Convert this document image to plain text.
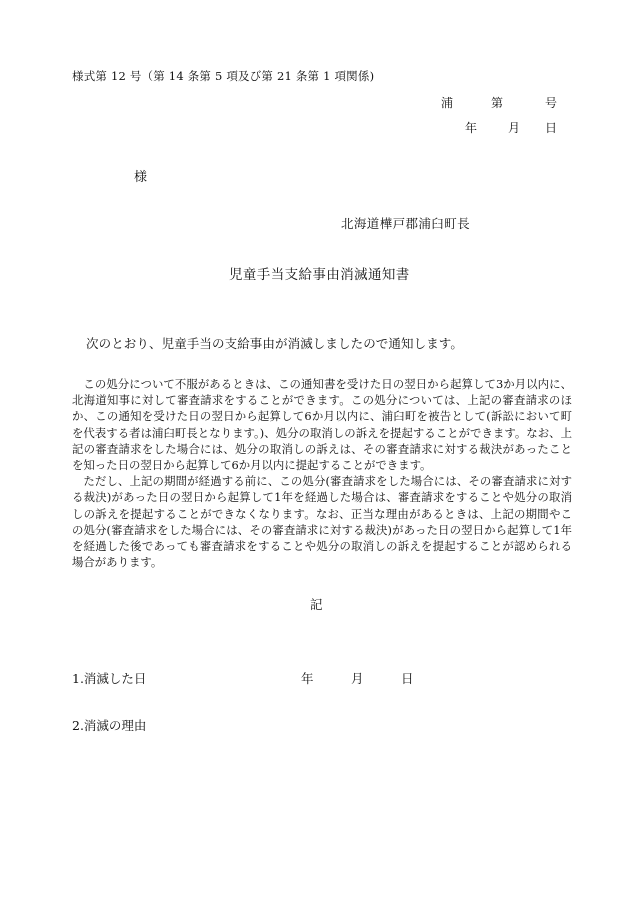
様式第 12 号（第 14 条第 5 項及び第 21 条第 1 項関係)
浦	第	号
年	月 日
様
北海道樺戸郡浦臼町長
児童手当支給事由消滅通知書
次のとおり、児童手当の支給事由が消滅しましたので通知します。

この処分について不服があるときは、この通知書を受けた日の翌日から起算して3か月以内に、北海道知事に対して審査請求をすることができます。この処分については、上記の審査請求のほか、この通知を受けた日の翌日から起算して6か月以内に、浦臼町を被告として(訴訟において町を代表する者は浦臼町長となります。)、処分の取消しの訴えを提起することができます。なお、上記の審査請求をした場合には、処分の取消しの訴えは、その審査請求に対する裁決があったことを知った日の翌日から起算して6か月以内に提起することができます。

ただし、上記の期間が経過する前に、この処分(審査請求をした場合には、その審査請求に対する裁決)があった日の翌日から起算して1年を経過した場合は、審査請求をすることや処分の取消しの訴えを提起することができなくなります。なお、正当な理由があるときは、上記の期間やこの処分(審査請求をした場合には、その審査請求に対する裁決)があった日の翌日から起算して1年を経過した後であっても審査請求をすることや処分の取消しの訴えを提起することが認められる場合があります。

記
1.消滅した日	年	月	日
2.消滅の理由
